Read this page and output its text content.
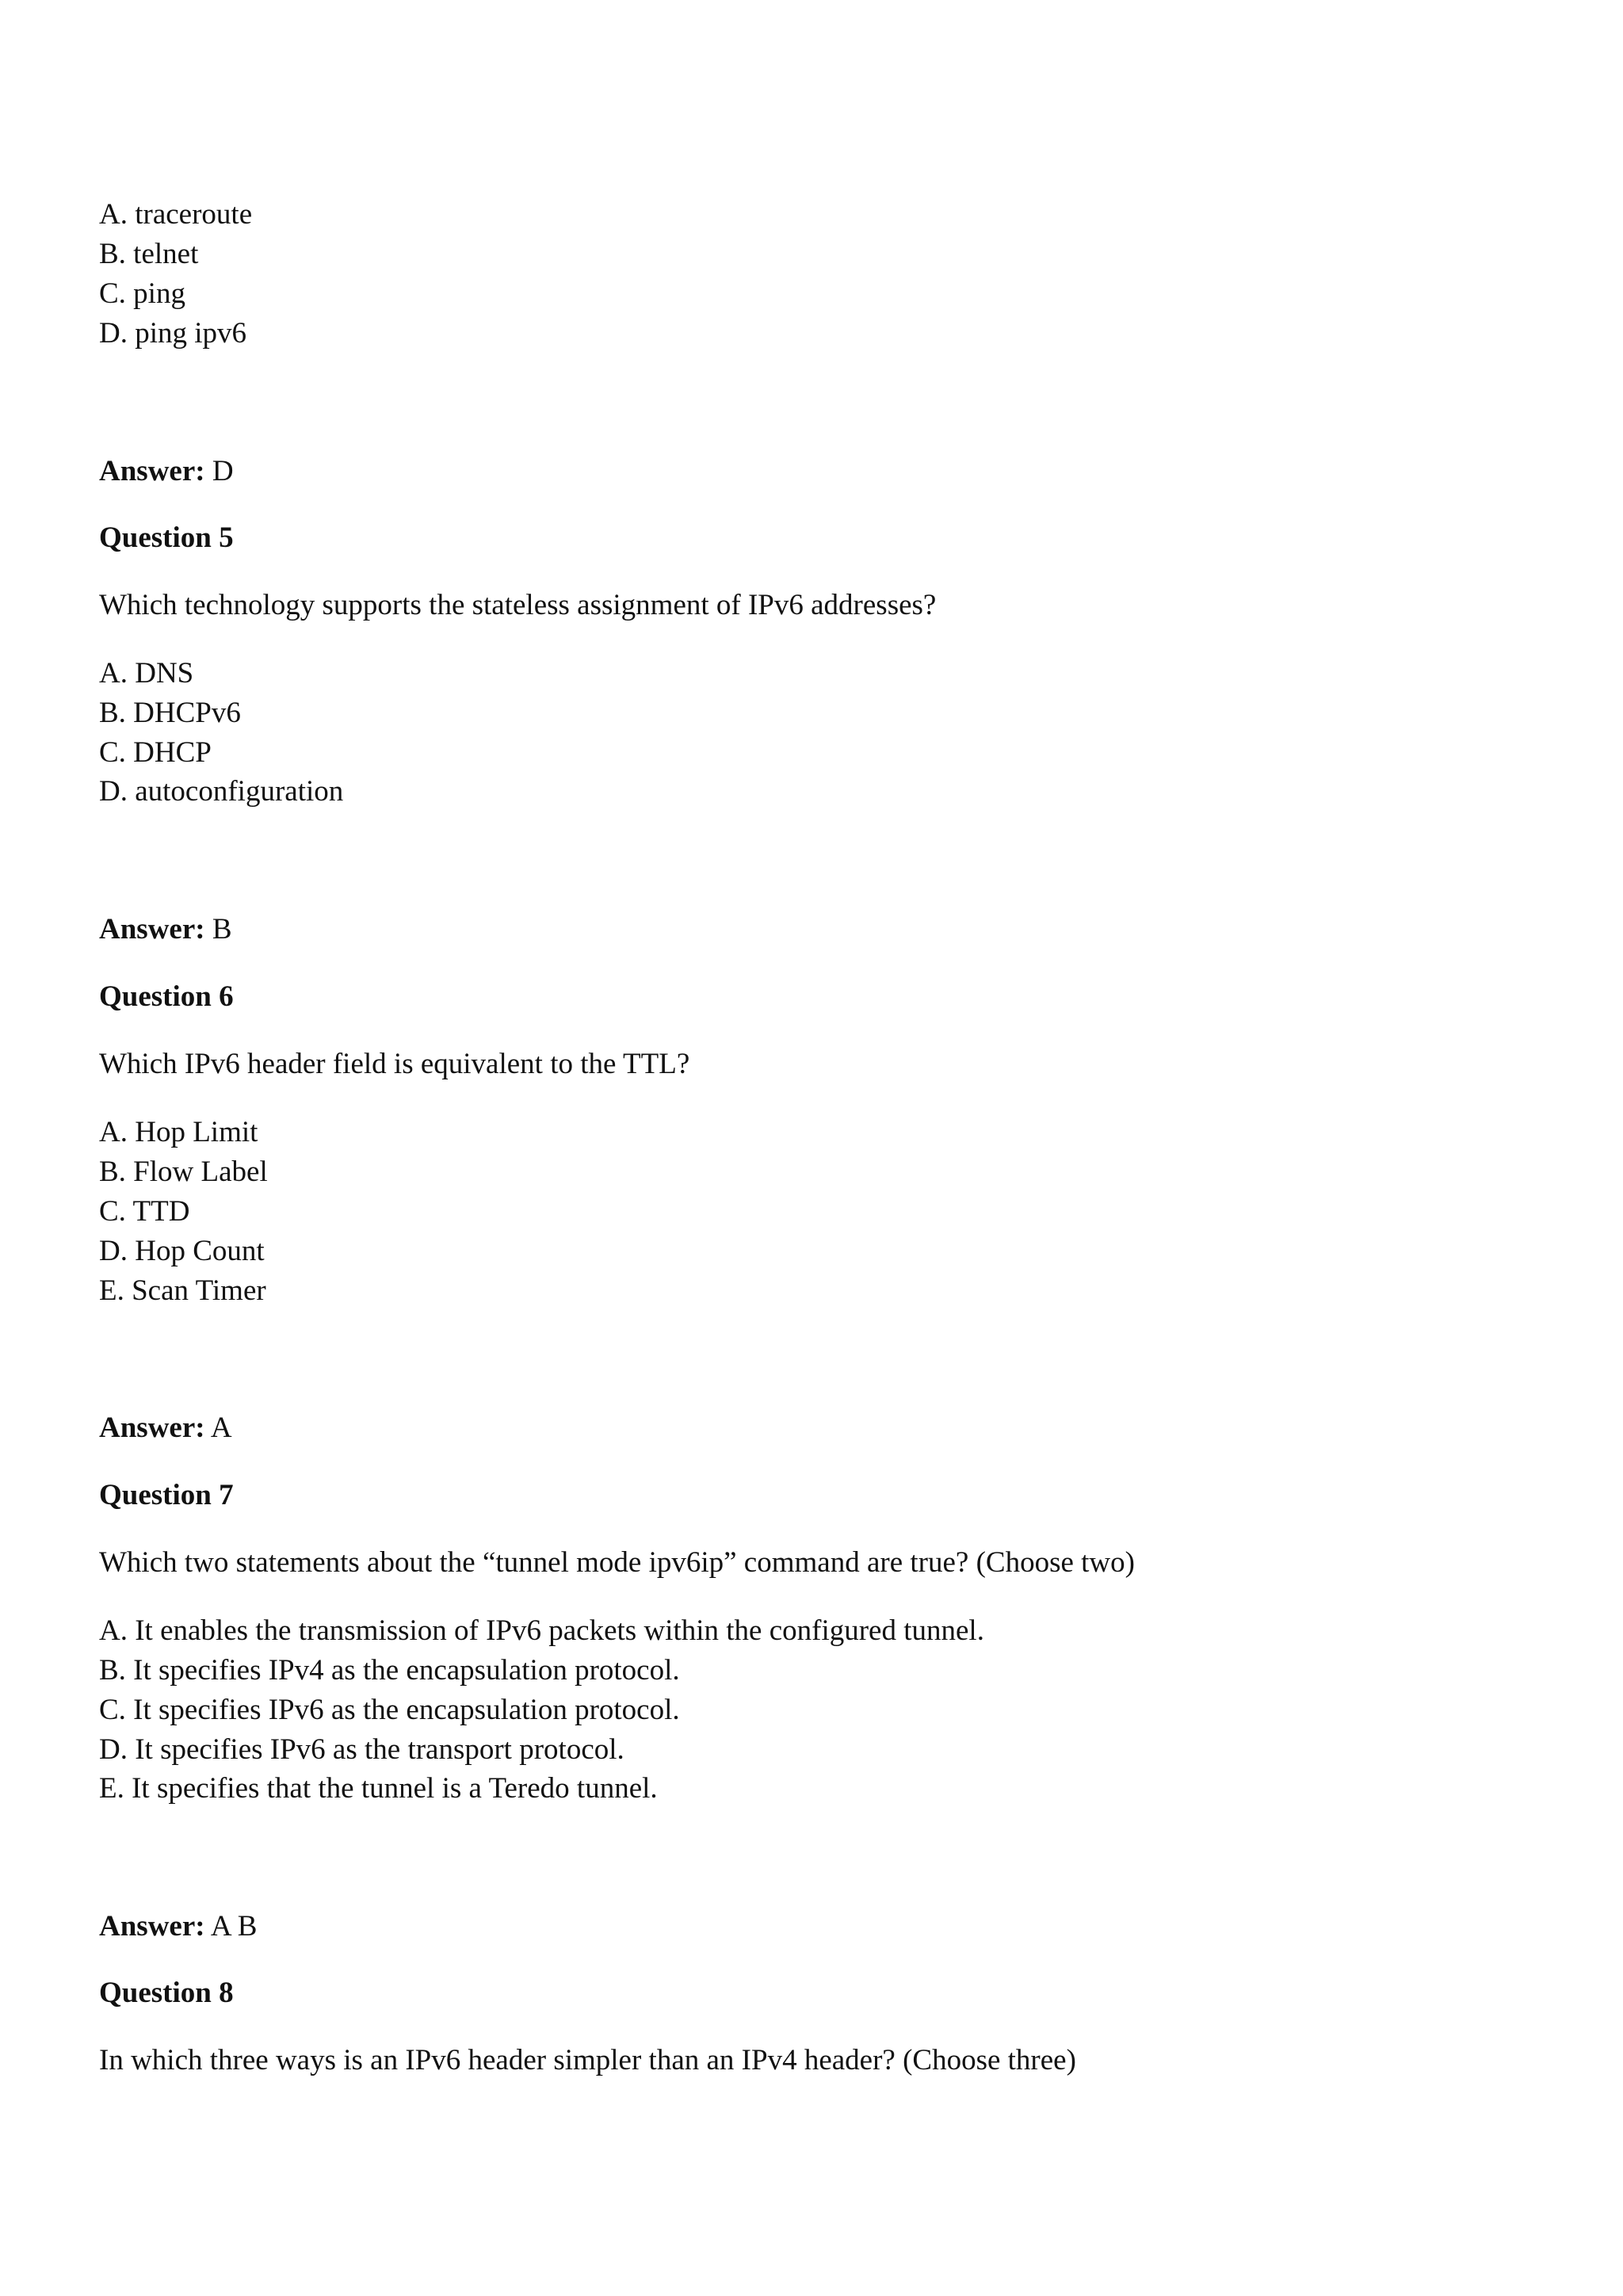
A. traceroute
B. telnet
C. ping
D. ping ipv6
Answer: D
Question 5
Which technology supports the stateless assignment of IPv6 addresses?
A. DNS
B. DHCPv6
C. DHCP
D. autoconfiguration
Answer: B
Question 6
Which IPv6 header field is equivalent to the TTL?
A. Hop Limit
B. Flow Label
C. TTD
D. Hop Count
E. Scan Timer
Answer: A
Question 7
Which two statements about the “tunnel mode ipv6ip” command are true? (Choose two)
A. It enables the transmission of IPv6 packets within the configured tunnel.
B. It specifies IPv4 as the encapsulation protocol.
C. It specifies IPv6 as the encapsulation protocol.
D. It specifies IPv6 as the transport protocol.
E. It specifies that the tunnel is a Teredo tunnel.
Answer: A B
Question 8
In which three ways is an IPv6 header simpler than an IPv4 header? (Choose three)
